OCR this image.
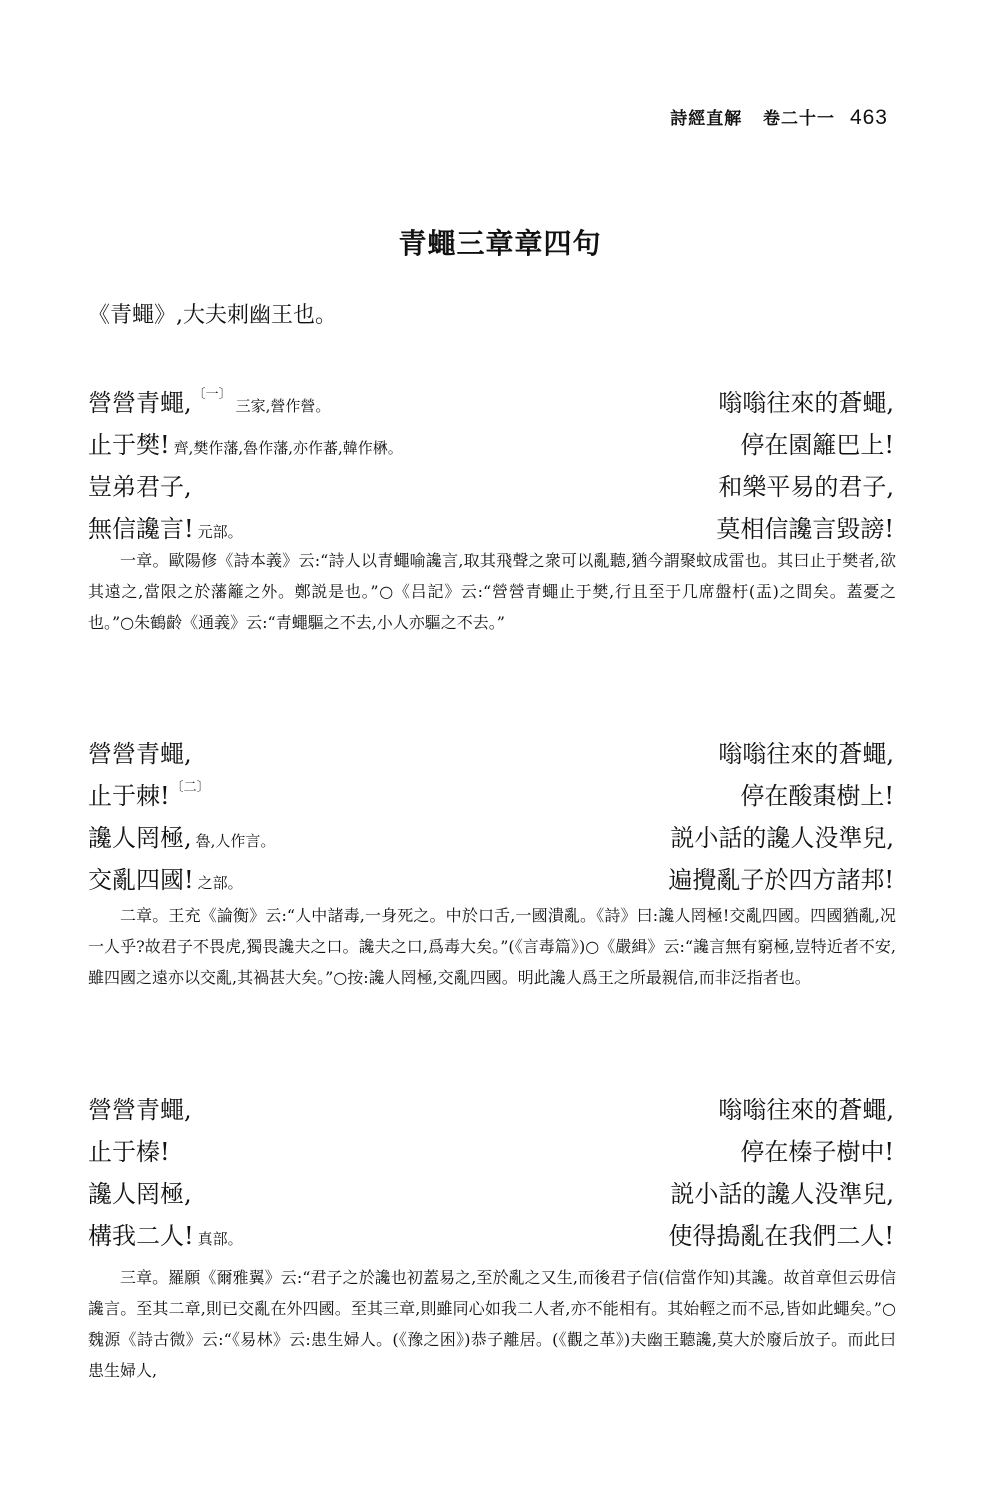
詩經直解 卷二十一 463
青蠅三章章四句
《青蠅》,大夫刺幽王也。
營營青蠅,$^{〔一〕}$三家,營作營。	嗡嗡往來的蒼蠅,
止于樊! 齊,樊作藩,魯作藩,亦作蕃,韓作楙。	停在園籬巴上!
豈弟君子,	和樂平易的君子,
無信讒言! 元部。	莫相信讒言毀謗!

一章。歐陽修《詩本義》云:“詩人以青蠅喻讒言,取其飛聲之衆可以亂聽,猶今謂聚蚊成雷也。其曰止于樊者,欲其遠之,當限之於藩籬之外。鄭説是也。”○《吕記》云:“營營青蠅止于樊,行且至于几席盤杅(盂)之間矣。蓋憂之也。”○朱鶴齡《通義》云:“青蠅驅之不去,小人亦驅之不去。”

營營青蠅,	嗡嗡往來的蒼蠅,
止于棘!$^{〔二〕}$	停在酸棗樹上!
讒人罔極, 魯,人作言。	説小話的讒人没準兒,
交亂四國! 之部。	遍攪亂子於四方諸邦!

二章。王充《論衡》云:“人中諸毒,一身死之。中於口舌,一國潰亂。《詩》曰:讒人罔極!交亂四國。四國猶亂,况一人乎?故君子不畏虎,獨畏讒夫之口。讒夫之口,爲毒大矣。”(《言毒篇》)○《嚴緝》云:“讒言無有窮極,豈特近者不安,雖四國之遠亦以交亂,其禍甚大矣。”○按:讒人罔極,交亂四國。明此讒人爲王之所最親信,而非泛指者也。

營營青蠅,	嗡嗡往來的蒼蠅,
止于榛!	停在榛子樹中!
讒人罔極,	説小話的讒人没準兒,
構我二人! 真部。	使得搗亂在我們二人!

三章。羅願《爾雅翼》云:“君子之於讒也初蓋易之,至於亂之又生,而後君子信(信當作知)其讒。故首章但云毋信讒言。至其二章,則已交亂在外四國。至其三章,則雖同心如我二人者,亦不能相有。其始輕之而不忌,皆如此蠅矣。”○魏源《詩古微》云:“《易林》云:患生婦人。(《豫之困》)恭子離居。(《觀之革》)夫幽王聽讒,莫大於廢后放子。而此曰患生婦人,
